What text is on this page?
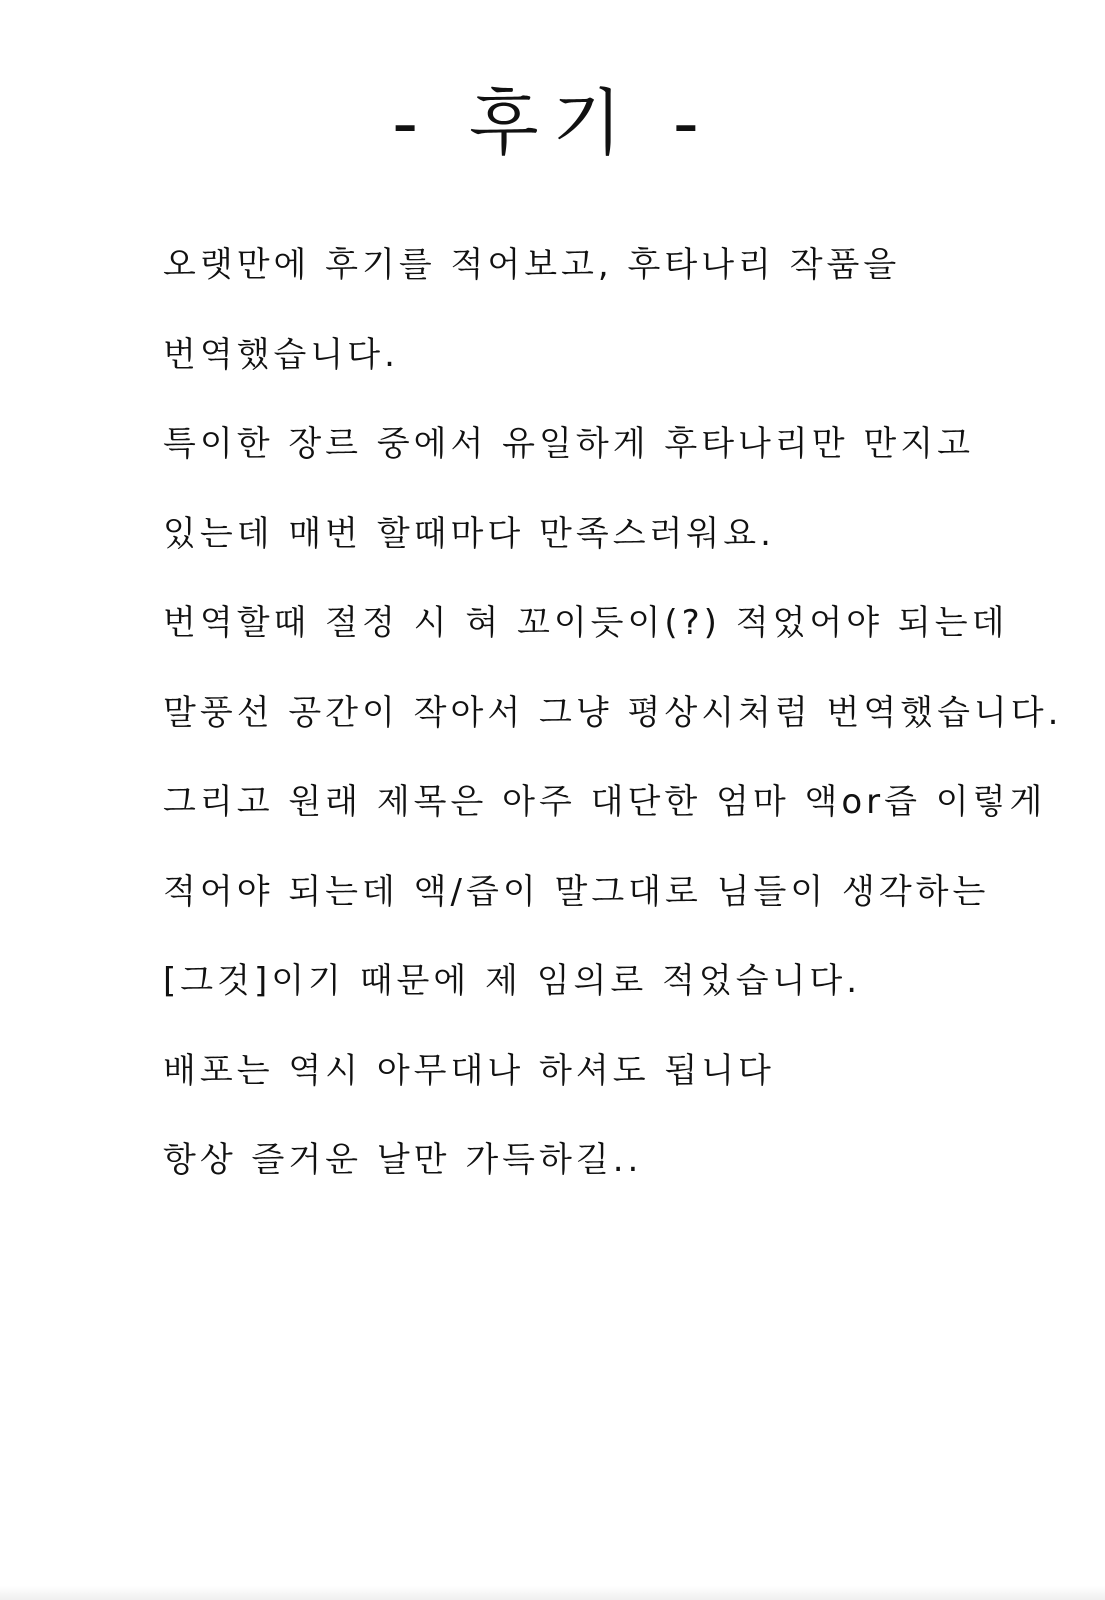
- 후기 -
오랫만에 후기를 적어보고, 후타나리 작품을
번역했습니다.
특이한 장르 중에서 유일하게 후타나리만 만지고
있는데 매번 할때마다 만족스러워요.
번역할때 절정 시 혀 꼬이듯이(?) 적었어야 되는데
말풍선 공간이 작아서 그냥 평상시처럼 번역했습니다.
그리고 원래 제목은 아주 대단한 엄마 액or즙 이렇게
적어야 되는데 액/즙이 말그대로 님들이 생각하는
[그것]이기 때문에 제 임의로 적었습니다.
배포는 역시 아무대나 하셔도 됩니다
항상 즐거운 날만 가득하길..
